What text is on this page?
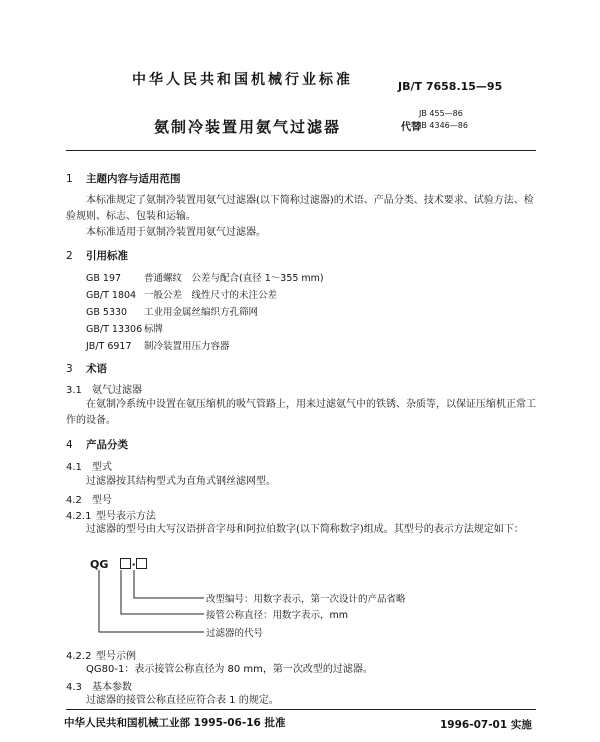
中华人民共和国机械行业标准	JB/T 7658.15—95
氨制冷装置用氨气过滤器	代替
JB 455—86
JB 4346—86
1 主题内容与适用范围
本标准规定了氨制冷装置用氨气过滤器(以下简称过滤器)的术语、产品分类、技术要求、试验方法、检验规则、标志、包装和运输。
本标准适用于氨制冷装置用氨气过滤器。
2 引用标准
GB 197 普通螺纹　公差与配合(直径 1～355 mm)
GB/T 1804 一般公差　线性尺寸的未注公差
GB 5330 工业用金属丝编织方孔筛网
GB/T 13306 标牌
JB/T 6917 制冷装置用压力容器
3 术语
3.1 氨气过滤器
在氨制冷系统中设置在氨压缩机的吸气管路上，用来过滤氨气中的铁锈、杂质等，以保证压缩机正常工作的设备。
4 产品分类
4.1 型式
过滤器按其结构型式为直角式钢丝滤网型。
4.2 型号
4.2.1 型号表示方法
过滤器的型号由大写汉语拼音字母和阿拉伯数字(以下简称数字)组成。其型号的表示方法规定如下：
QG ·
改型编号：用数字表示，第一次设计的产品省略
接管公称直径：用数字表示，mm
过滤器的代号
4.2.2 型号示例
QG80-1：表示接管公称直径为 80 mm，第一次改型的过滤器。
4.3 基本参数
过滤器的接管公称直径应符合表 1 的规定。
中华人民共和国机械工业部 1995-06-16 批准	1996-07-01 实施
